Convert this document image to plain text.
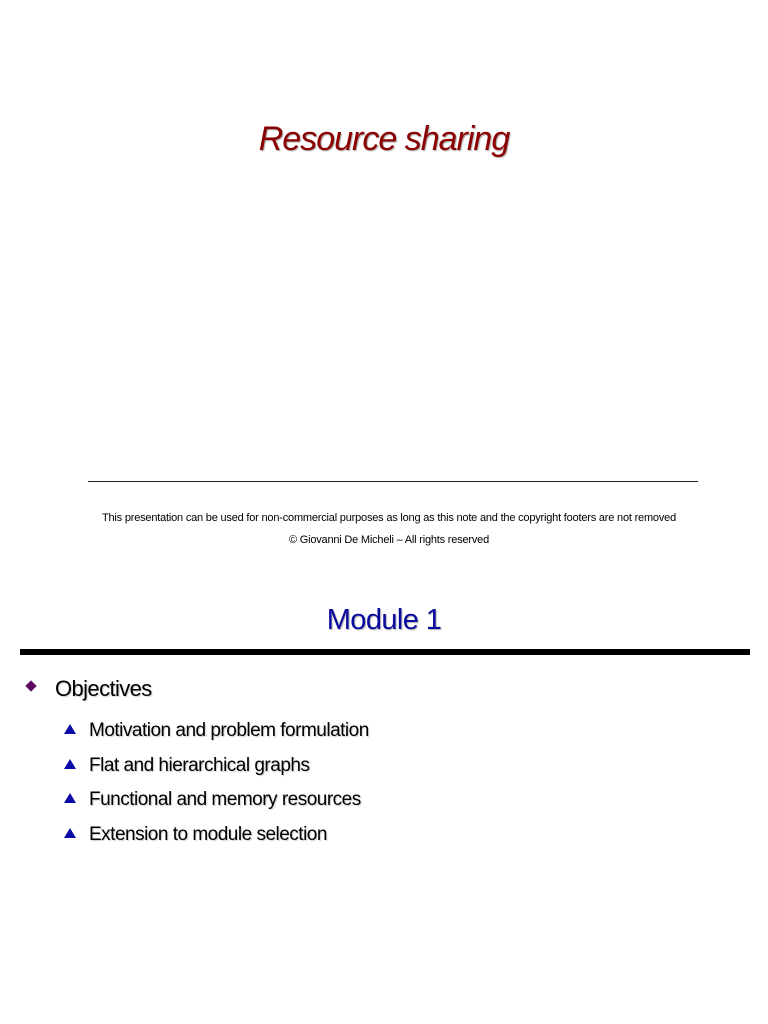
Resource sharing
This presentation can be used for non-commercial purposes as long as this note and the copyright footers are not removed
© Giovanni De Micheli – All rights reserved
Module 1
Objectives
Motivation and problem formulation
Flat and hierarchical graphs
Functional and memory resources
Extension to module selection
